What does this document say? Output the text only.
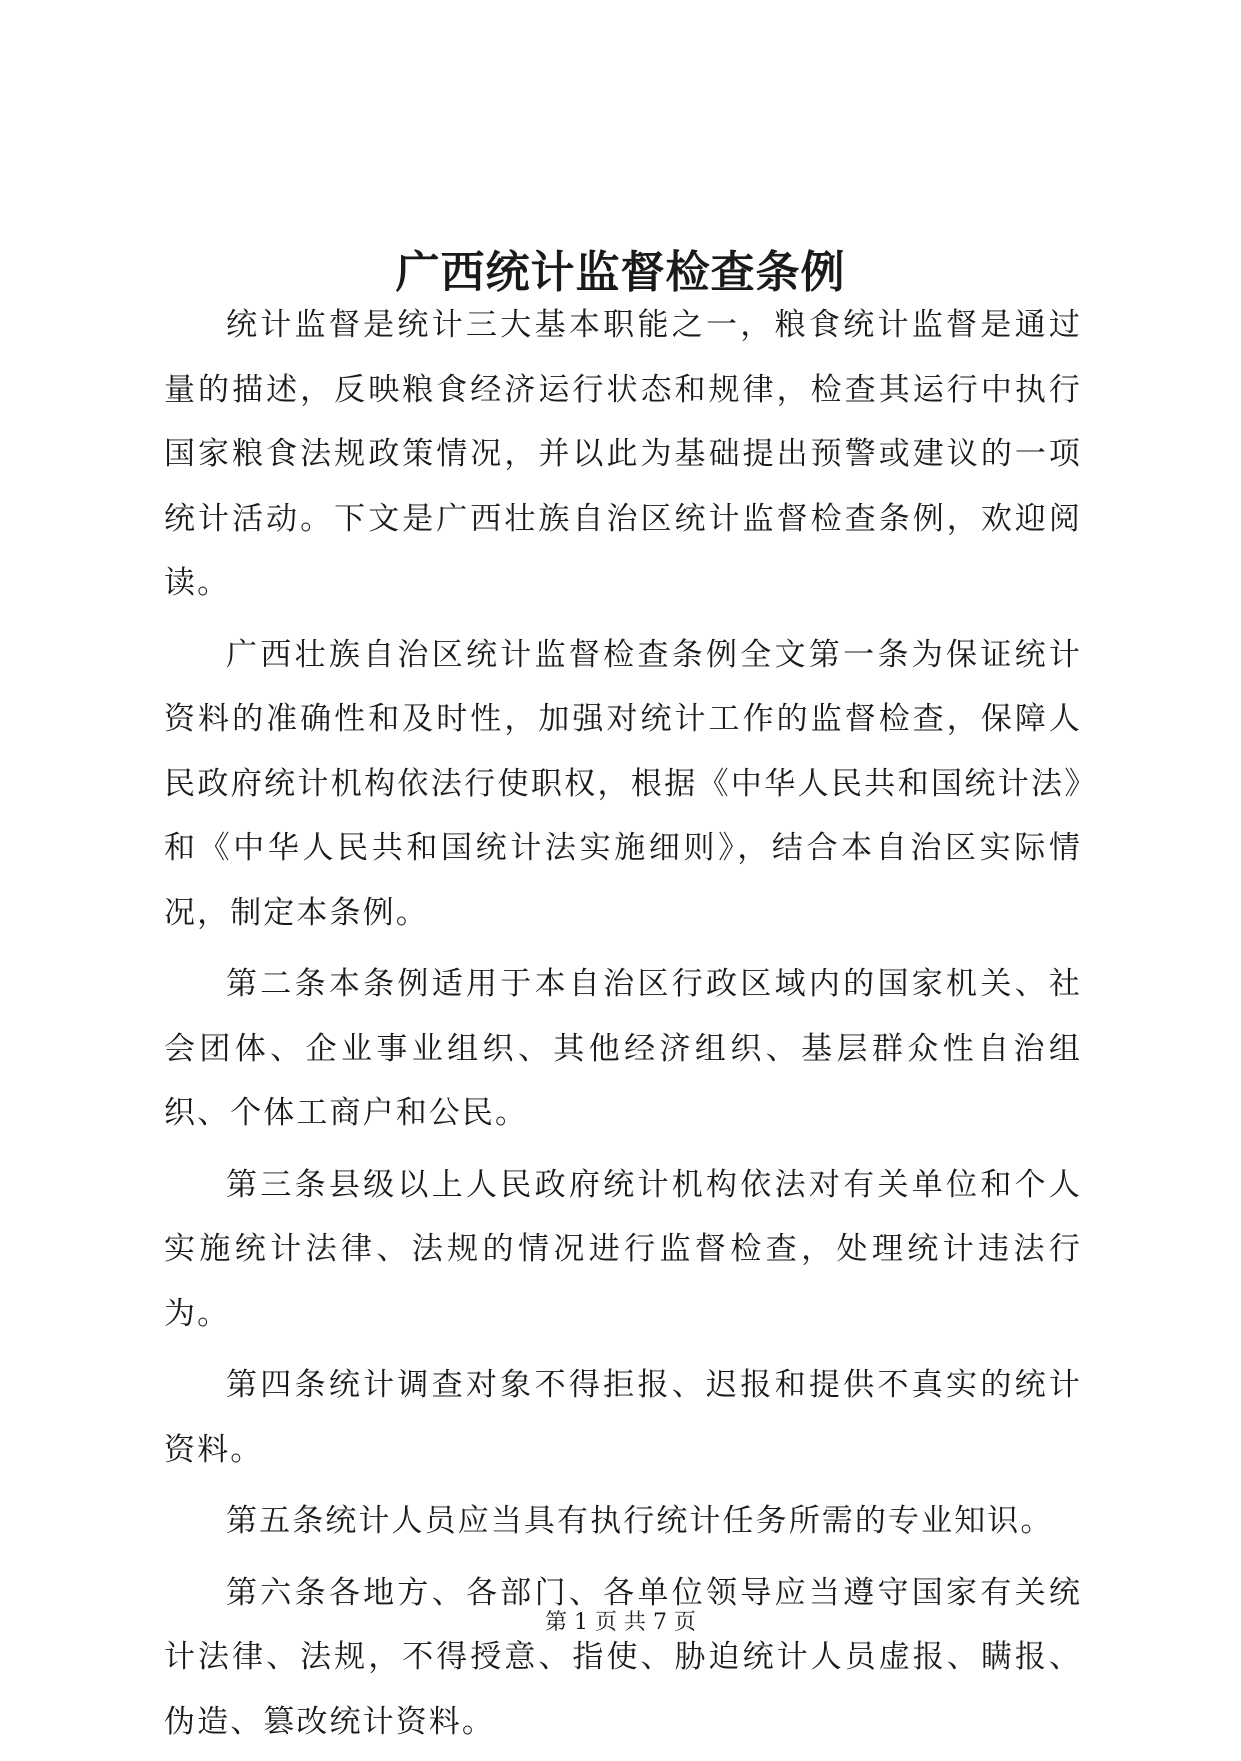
广西统计监督检查条例

统计监督是统计三大基本职能之一，粮食统计监督是通过量的描述，反映粮食经济运行状态和规律，检查其运行中执行国家粮食法规政策情况，并以此为基础提出预警或建议的一项统计活动。下文是广西壮族自治区统计监督检查条例，欢迎阅读。

广西壮族自治区统计监督检查条例全文第一条为保证统计资料的准确性和及时性，加强对统计工作的监督检查，保障人民政府统计机构依法行使职权，根据《中华人民共和国统计法》和《中华人民共和国统计法实施细则》，结合本自治区实际情况，制定本条例。

第二条本条例适用于本自治区行政区域内的国家机关、社会团体、企业事业组织、其他经济组织、基层群众性自治组织、个体工商户和公民。

第三条县级以上人民政府统计机构依法对有关单位和个人实施统计法律、法规的情况进行监督检查，处理统计违法行为。

第四条统计调查对象不得拒报、迟报和提供不真实的统计资料。

第五条统计人员应当具有执行统计任务所需的专业知识。

第六条各地方、各部门、各单位领导应当遵守国家有关统计法律、法规，不得授意、指使、胁迫统计人员虚报、瞒报、伪造、篡改统计资料。

第 1 页 共 7 页
